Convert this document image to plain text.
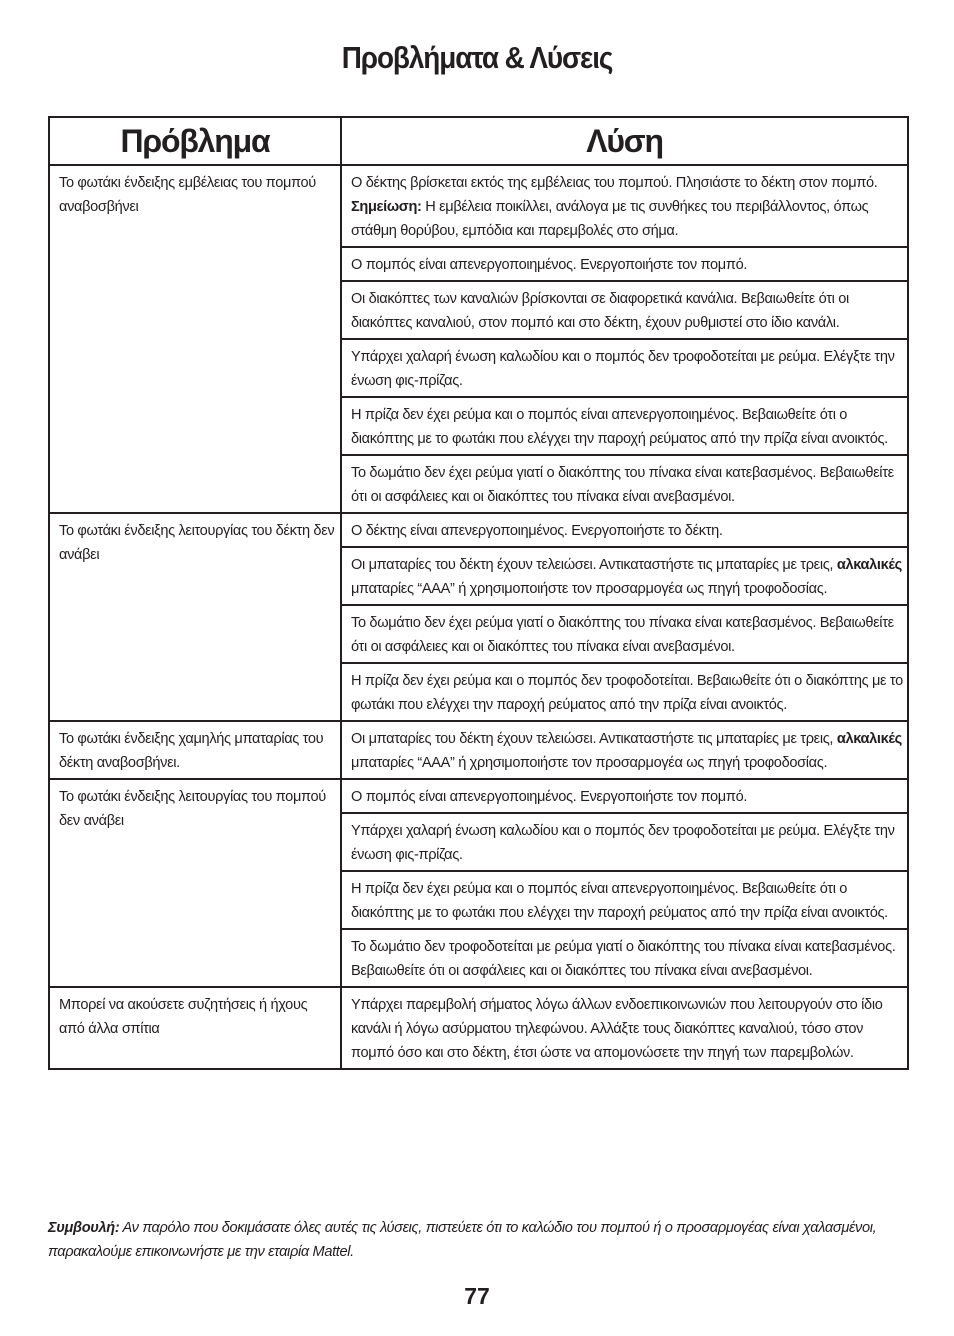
Προβλήματα & Λύσεις
Πρόβλημα	Λύση
Το φωτάκι ένδειξης εμβέλειας του πομπού αναβοσβήνει	Ο δέκτης βρίσκεται εκτός της εμβέλειας του πομπού. Πλησιάστε το δέκτη στον πομπό. Σημείωση: Η εμβέλεια ποικίλλει, ανάλογα με τις συνθήκες του περιβάλλοντος, όπως στάθμη θορύβου, εμπόδια και παρεμβολές στο σήμα.
	Ο πομπός είναι απενεργοποιημένος. Ενεργοποιήστε τον πομπό.
	Οι διακόπτες των καναλιών βρίσκονται σε διαφορετικά κανάλια. Βεβαιωθείτε ότι οι διακόπτες καναλιού, στον πομπό και στο δέκτη, έχουν ρυθμιστεί στο ίδιο κανάλι.
	Υπάρχει χαλαρή ένωση καλωδίου και ο πομπός δεν τροφοδοτείται με ρεύμα. Ελέγξτε την ένωση φις-πρίζας.
	Η πρίζα δεν έχει ρεύμα και ο πομπός είναι απενεργοποιημένος. Βεβαιωθείτε ότι ο διακόπτης με το φωτάκι που ελέγχει την παροχή ρεύματος από την πρίζα είναι ανοικτός.
	Το δωμάτιο δεν έχει ρεύμα γιατί ο διακόπτης του πίνακα είναι κατεβασμένος. Βεβαιωθείτε ότι οι ασφάλειες και οι διακόπτες του πίνακα είναι ανεβασμένοι.
Το φωτάκι ένδειξης λειτουργίας του δέκτη δεν ανάβει	Ο δέκτης είναι απενεργοποιημένος. Ενεργοποιήστε το δέκτη.
	Οι μπαταρίες του δέκτη έχουν τελειώσει. Αντικαταστήστε τις μπαταρίες με τρεις, αλκαλικές μπαταρίες “AAA” ή χρησιμοποιήστε τον προσαρμογέα ως πηγή τροφοδοσίας.
	Το δωμάτιο δεν έχει ρεύμα γιατί ο διακόπτης του πίνακα είναι κατεβασμένος. Βεβαιωθείτε ότι οι ασφάλειες και οι διακόπτες του πίνακα είναι ανεβασμένοι.
	Η πρίζα δεν έχει ρεύμα και ο πομπός δεν τροφοδοτείται. Βεβαιωθείτε ότι ο διακόπτης με το φωτάκι που ελέγχει την παροχή ρεύματος από την πρίζα είναι ανοικτός.
Το φωτάκι ένδειξης χαμηλής μπαταρίας του δέκτη αναβοσβήνει.	Οι μπαταρίες του δέκτη έχουν τελειώσει. Αντικαταστήστε τις μπαταρίες με τρεις, αλκαλικές μπαταρίες “AAA” ή χρησιμοποιήστε τον προσαρμογέα ως πηγή τροφοδοσίας.
Το φωτάκι ένδειξης λειτουργίας του πομπού δεν ανάβει	Ο πομπός είναι απενεργοποιημένος. Ενεργοποιήστε τον πομπό.
	Υπάρχει χαλαρή ένωση καλωδίου και ο πομπός δεν τροφοδοτείται με ρεύμα. Ελέγξτε την ένωση φις-πρίζας.
	Η πρίζα δεν έχει ρεύμα και ο πομπός είναι απενεργοποιημένος. Βεβαιωθείτε ότι ο διακόπτης με το φωτάκι που ελέγχει την παροχή ρεύματος από την πρίζα είναι ανοικτός.
	Το δωμάτιο δεν τροφοδοτείται με ρεύμα γιατί ο διακόπτης του πίνακα είναι κατεβασμένος. Βεβαιωθείτε ότι οι ασφάλειες και οι διακόπτες του πίνακα είναι ανεβασμένοι.
Μπορεί να ακούσετε συζητήσεις ή ήχους από άλλα σπίτια	Υπάρχει παρεμβολή σήματος λόγω άλλων ενδοεπικοινωνιών που λειτουργούν στο ίδιο κανάλι ή λόγω ασύρματου τηλεφώνου. Αλλάξτε τους διακόπτες καναλιού, τόσο στον πομπό όσο και στο δέκτη, έτσι ώστε να απομονώσετε την πηγή των παρεμβολών.
Συμβουλή: Αν παρόλο που δοκιμάσατε όλες αυτές τις λύσεις, πιστεύετε ότι το καλώδιο του πομπού ή ο προσαρμογέας είναι χαλασμένοι, παρακαλούμε επικοινωνήστε με την εταιρία Mattel.
77
